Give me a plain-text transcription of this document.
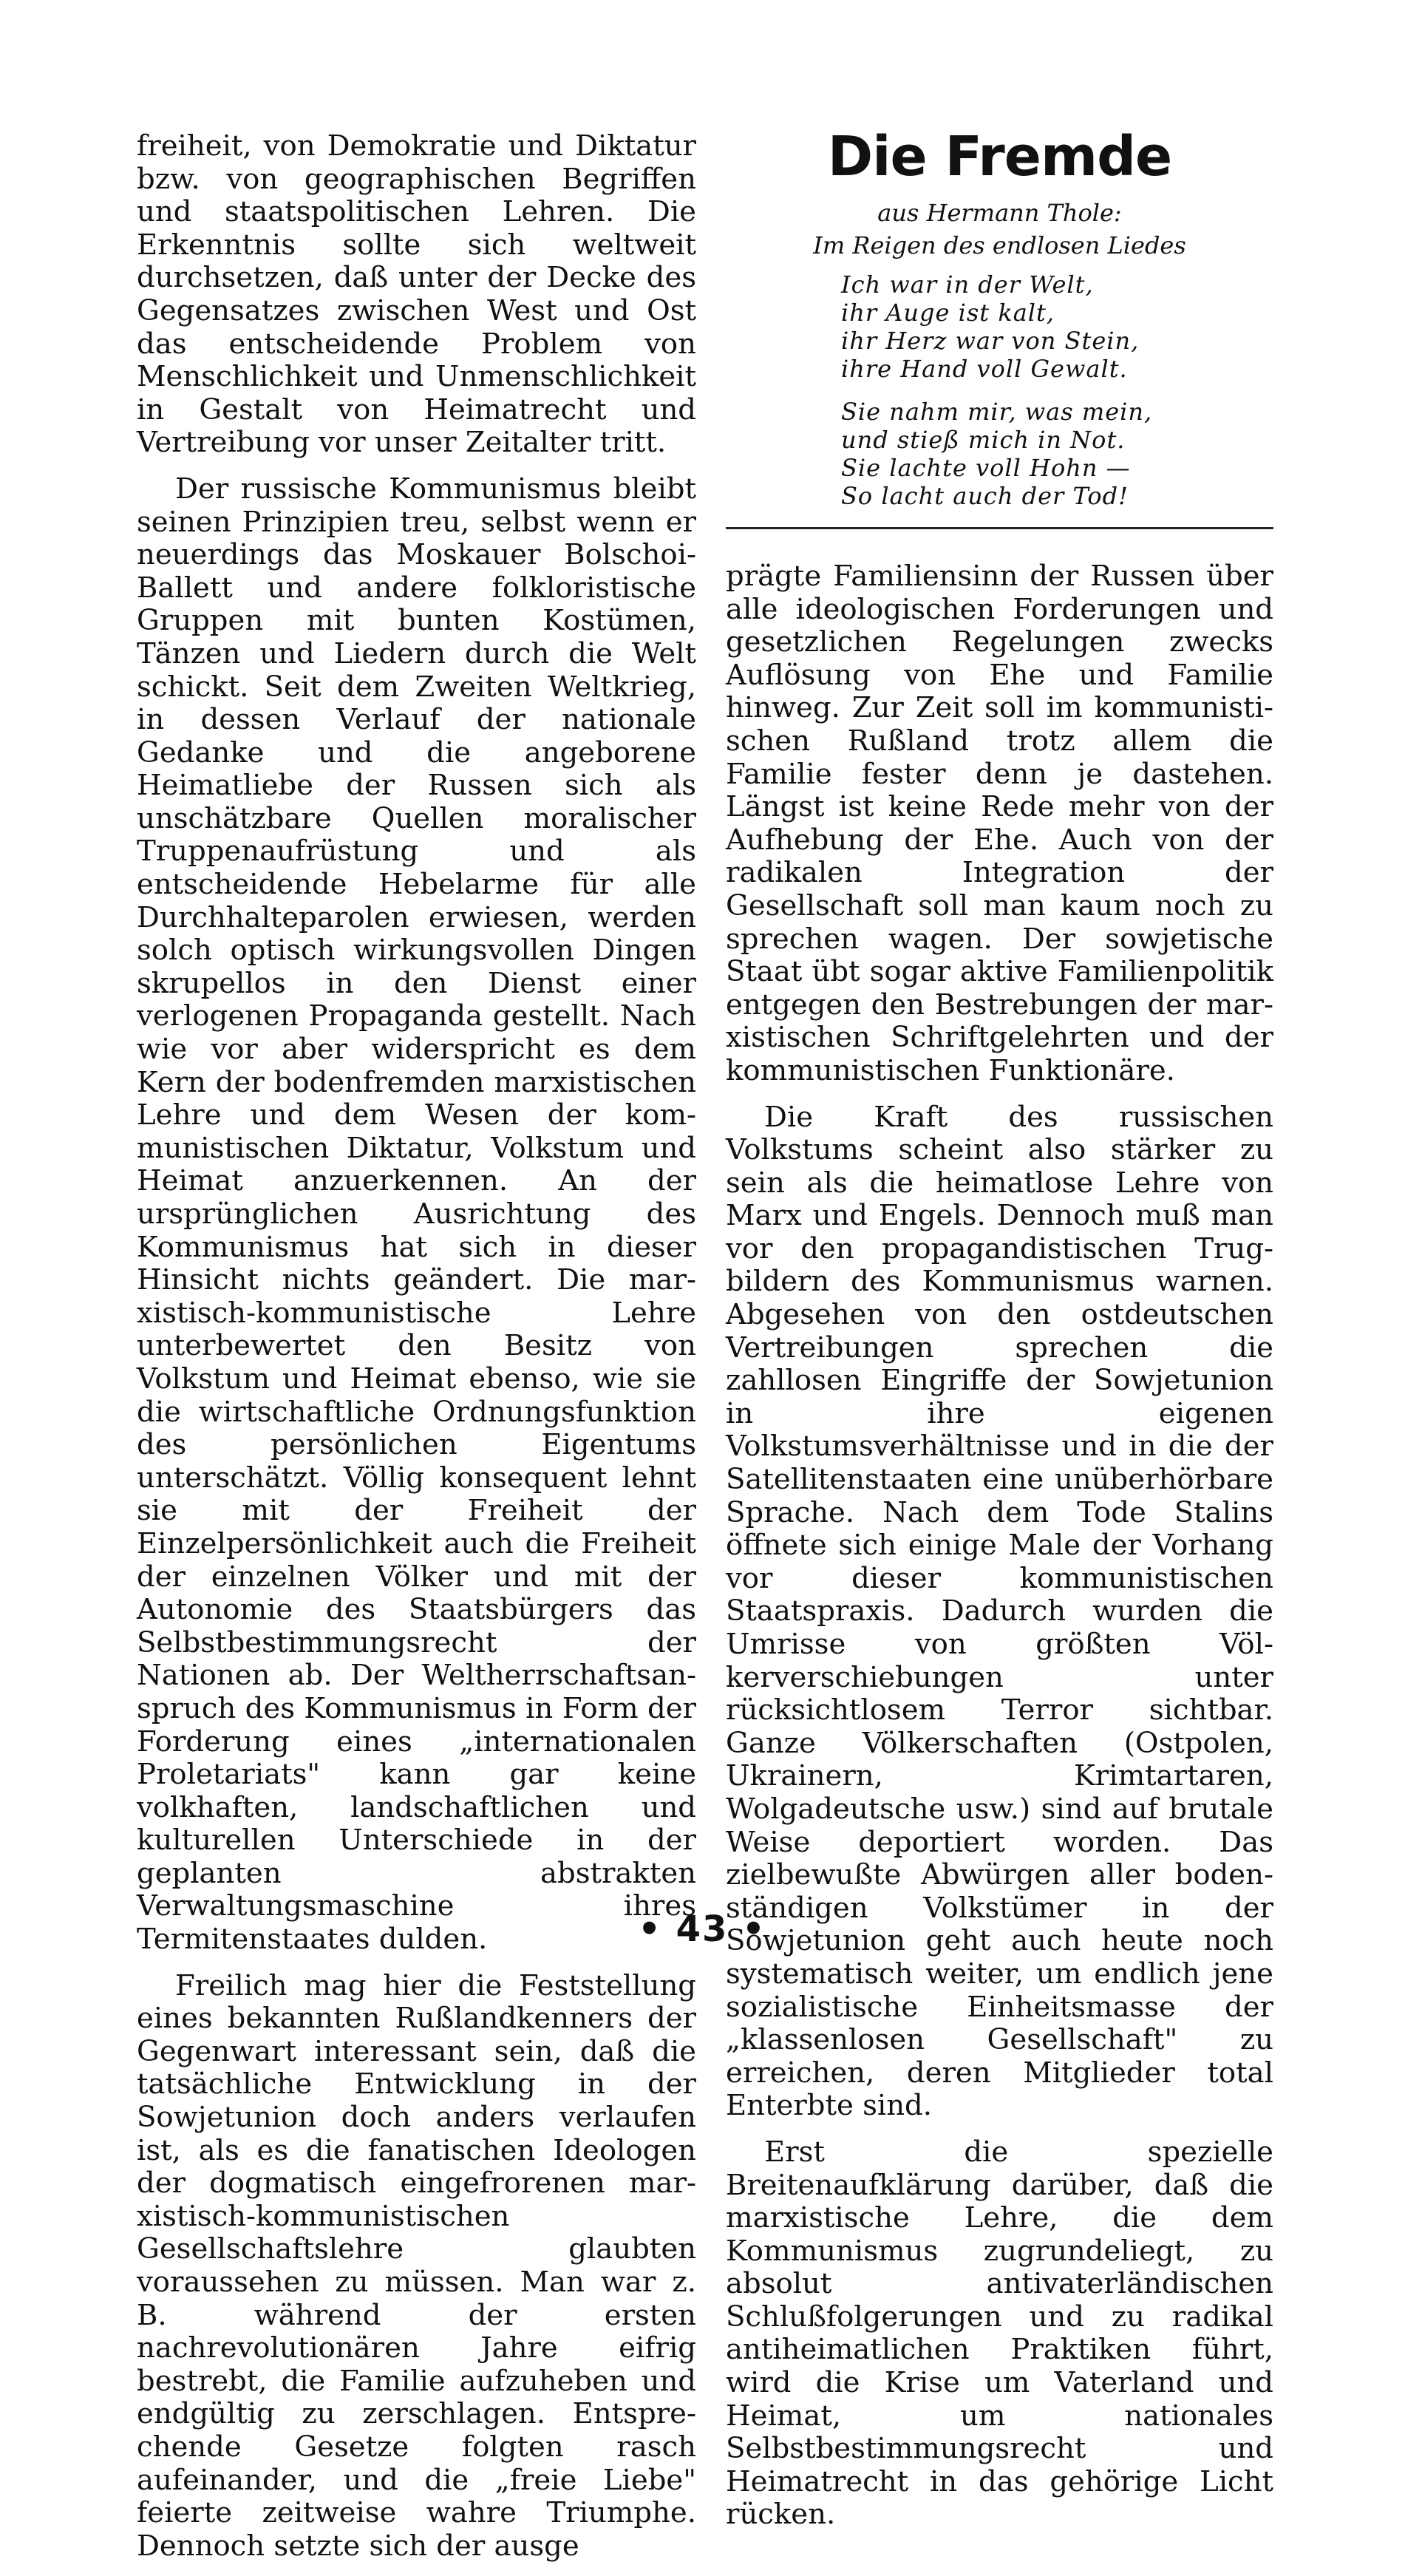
freiheit, von Demokratie und Diktatur bzw. von geographischen Begriffen und staatspolitischen Lehren. Die Erkenntnis sollte sich weltweit durchsetzen, daß unter der Decke des Gegensatzes zwischen West und Ost das entscheidende Problem von Menschlichkeit und Unmenschlichkeit in Gestalt von Heimatrecht und Vertreibung vor unser Zeitalter tritt.

Der russische Kommunismus bleibt seinen Prinzipien treu, selbst wenn er neuerdings das Moskauer Bolschoi-Ballett und andere folkloristische Gruppen mit bunten Kostümen, Tänzen und Liedern durch die Welt schickt. Seit dem Zweiten Weltkrieg, in dessen Verlauf der nationale Gedanke und die angeborene Heimatliebe der Russen sich als unschätzbare Quellen moralischer Truppenaufrüstung und als entscheidende Hebelarme für alle Durchhalteparolen erwiesen, werden solch optisch wirkungsvollen Dingen skrupellos in den Dienst einer verlogenen Propaganda gestellt. Nach wie vor aber widerspricht es dem Kern der bodenfremden marxistischen Lehre und dem Wesen der kommunistischen Diktatur, Volkstum und Heimat anzuerkennen. An der ursprünglichen Ausrichtung des Kommunismus hat sich in dieser Hinsicht nichts geändert. Die marxistisch-kommunistische Lehre unterbewertet den Besitz von Volkstum und Heimat ebenso, wie sie die wirtschaftliche Ordnungsfunktion des persönlichen Eigentums unterschätzt. Völlig konsequent lehnt sie mit der Freiheit der Einzelpersönlichkeit auch die Freiheit der einzelnen Völker und mit der Autonomie des Staatsbürgers das Selbstbestimmungsrecht der Nationen ab. Der Weltherrschaftsanspruch des Kommunismus in Form der Forderung eines „internationalen Proletariats" kann gar keine volkhaften, landschaftlichen und kulturellen Unterschiede in der geplanten abstrakten Verwaltungsmaschine ihres Termitenstaates dulden.

Freilich mag hier die Feststellung eines bekannten Rußlandkenners der Gegenwart interessant sein, daß die tatsächliche Entwicklung in der Sowjetunion doch anders verlaufen ist, als es die fanatischen Ideologen der dogmatisch eingefrorenen marxistisch-kommunistischen Gesellschaftslehre glaubten voraussehen zu müssen. Man war z. B. während der ersten nachrevolutionären Jahre eifrig bestrebt, die Familie aufzuheben und endgültig zu zerschlagen. Entsprechende Gesetze folgten rasch aufeinander, und die „freie Liebe" feierte zeitweise wahre Triumphe. Dennoch setzte sich der ausge

Die Fremde
aus Hermann Thole:
Im Reigen des endlosen Liedes
Ich war in der Welt,
ihr Auge ist kalt,
ihr Herz war von Stein,
ihre Hand voll Gewalt.
Sie nahm mir, was mein,
und stieß mich in Not.
Sie lachte voll Hohn —
So lacht auch der Tod!

prägte Familiensinn der Russen über alle ideologischen Forderungen und gesetzlichen Regelungen zwecks Auflösung von Ehe und Familie hinweg. Zur Zeit soll im kommunistischen Rußland trotz allem die Familie fester denn je dastehen. Längst ist keine Rede mehr von der Aufhebung der Ehe. Auch von der radikalen Integration der Gesellschaft soll man kaum noch zu sprechen wagen. Der sowjetische Staat übt sogar aktive Familienpolitik entgegen den Bestrebungen der marxistischen Schriftgelehrten und der kommunistischen Funktionäre.

Die Kraft des russischen Volkstums scheint also stärker zu sein als die heimatlose Lehre von Marx und Engels. Dennoch muß man vor den propagandistischen Trugbildern des Kommunismus warnen. Abgesehen von den ostdeutschen Vertreibungen sprechen die zahllosen Eingriffe der Sowjetunion in ihre eigenen Volkstumsverhältnisse und in die der Satellitenstaaten eine unüberhörbare Sprache. Nach dem Tode Stalins öffnete sich einige Male der Vorhang vor dieser kommunistischen Staatspraxis. Dadurch wurden die Umrisse von größten Völkerverschiebungen unter rücksichtlosem Terror sichtbar. Ganze Völkerschaften (Ostpolen, Ukrainern, Krimtartaren, Wolgadeutsche usw.) sind auf brutale Weise deportiert worden. Das zielbewußte Abwürgen aller bodenständigen Volkstümer in der Sowjetunion geht auch heute noch systematisch weiter, um endlich jene sozialistische Einheitsmasse der „klassenlosen Gesellschaft" zu erreichen, deren Mitglieder total Enterbte sind.

Erst die spezielle Breitenaufklärung darüber, daß die marxistische Lehre, die dem Kommunismus zugrundeliegt, zu absolut antivaterländischen Schlußfolgerungen und zu radikal antiheimatlichen Praktiken führt, wird die Krise um Vaterland und Heimat, um nationales Selbstbestimmungsrecht und Heimatrecht in das gehörige Licht rücken.

• 43 •
